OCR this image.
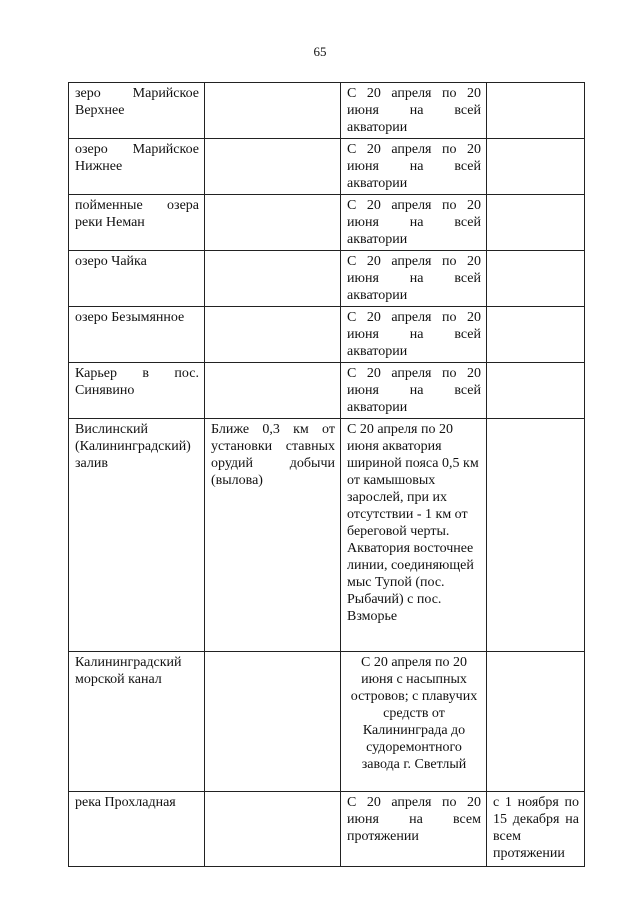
65
зеро Марийское Верхнее		С 20 апреля по 20 июня на всей акватории	
озеро Марийское Нижнее		С 20 апреля по 20 июня на всей акватории	
пойменные озера реки Неман		С 20 апреля по 20 июня на всей акватории	
озеро Чайка		С 20 апреля по 20 июня на всей акватории	
озеро Безымянное		С 20 апреля по 20 июня на всей акватории	
Карьер в пос. Синявино		С 20 апреля по 20 июня на всей акватории	
Вислинский (Калининградский) залив	Ближе 0,3 км от установки ставных орудий добычи (вылова)	С 20 апреля по 20 июня акватория шириной пояса 0,5 км от камышовых зарослей, при их отсутствии - 1 км от береговой черты. Акватория восточнее линии, соединяющей мыс Тупой (пос. Рыбачий) с пос. Взморье	
Калининградский морской канал		С 20 апреля по 20 июня с насыпных островов; с плавучих средств от Калининграда до судоремонтного завода г. Светлый	
река Прохладная		С 20 апреля по 20 июня на всем протяжении	с 1 ноября по 15 декабря на всем протяжении
